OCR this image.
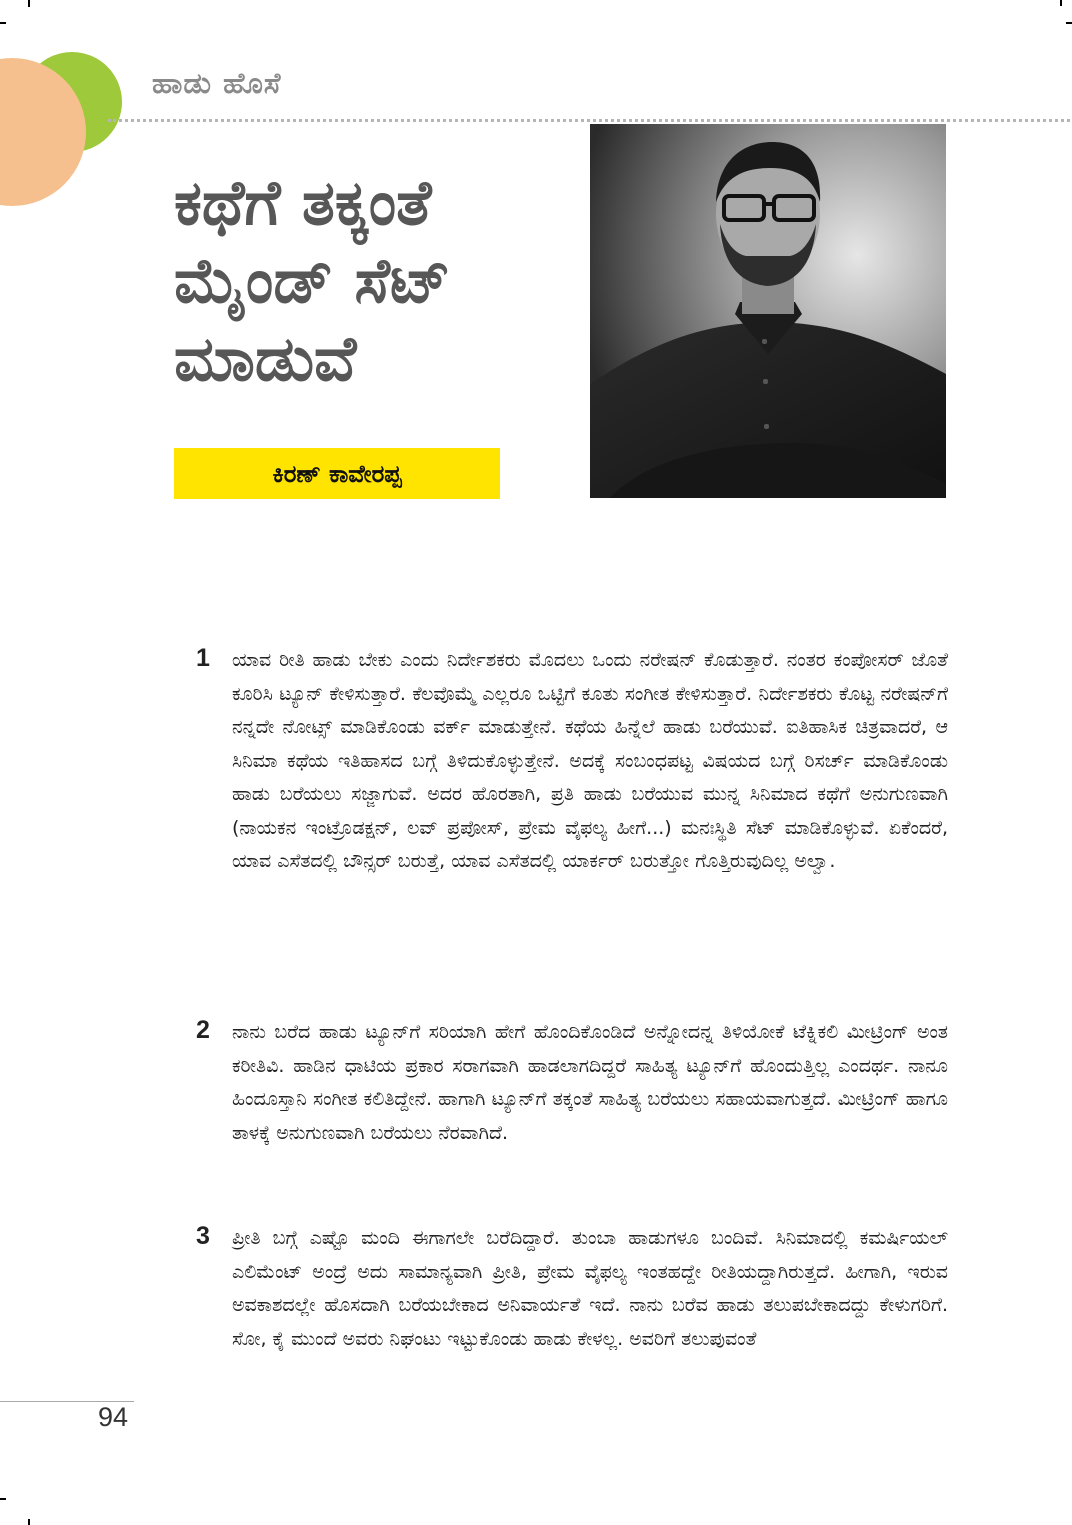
ಹಾಡು ಹೊಸೆ
ಕಥೆಗೆ ತಕ್ಕಂತೆ ಮೈಂಡ್ ಸೆಟ್ ಮಾಡುವೆ
ಕಿರಣ್ ಕಾವೇರಪ್ಪ
1 ಯಾವ ರೀತಿ ಹಾಡು ಬೇಕು ಎಂದು ನಿರ್ದೇಶಕರು ಮೊದಲು ಒಂದು ನರೇಷನ್ ಕೊಡುತ್ತಾರೆ. ನಂತರ ಕಂಪೋಸರ್ ಜೊತೆ ಕೂರಿಸಿ ಟ್ಯೂನ್ ಕೇಳಿಸುತ್ತಾರೆ. ಕೆಲವೊಮ್ಮೆ ಎಲ್ಲರೂ ಒಟ್ಟಿಗೆ ಕೂತು ಸಂಗೀತ ಕೇಳಿಸುತ್ತಾರೆ. ನಿರ್ದೇಶಕರು ಕೊಟ್ಟ ನರೇಷನ್‌ಗೆ ನನ್ನದೇ ನೋಟ್ಸ್ ಮಾಡಿಕೊಂಡು ವರ್ಕ್ ಮಾಡುತ್ತೇನೆ. ಕಥೆಯ ಹಿನ್ನೆಲೆ ಹಾಡು ಬರೆಯುವೆ. ಐತಿಹಾಸಿಕ ಚಿತ್ರವಾದರೆ, ಆ ಸಿನಿಮಾ ಕಥೆಯ ಇತಿಹಾಸದ ಬಗ್ಗೆ ತಿಳಿದುಕೊಳ್ಳುತ್ತೇನೆ. ಅದಕ್ಕೆ ಸಂಬಂಧಪಟ್ಟ ವಿಷಯದ ಬಗ್ಗೆ ರಿಸರ್ಚ್ ಮಾಡಿಕೊಂಡು ಹಾಡು ಬರೆಯಲು ಸಜ್ಜಾಗುವೆ. ಅದರ ಹೊರತಾಗಿ, ಪ್ರತಿ ಹಾಡು ಬರೆಯುವ ಮುನ್ನ ಸಿನಿಮಾದ ಕಥೆಗೆ ಅನುಗುಣವಾಗಿ (ನಾಯಕನ ಇಂಟ್ರೊಡಕ್ಷನ್, ಲವ್ ಪ್ರಪೋಸ್, ಪ್ರೇಮ ವೈಫಲ್ಯ ಹೀಗೆ...) ಮನಃಸ್ಥಿತಿ ಸೆಟ್ ಮಾಡಿಕೊಳ್ಳುವೆ. ಏಕೆಂದರೆ, ಯಾವ ಎಸೆತದಲ್ಲಿ ಬೌನ್ಸರ್ ಬರುತ್ತೆ, ಯಾವ ಎಸೆತದಲ್ಲಿ ಯಾರ್ಕರ್ ಬರುತ್ತೋ ಗೊತ್ತಿರುವುದಿಲ್ಲ ಅಲ್ವಾ.

2 ನಾನು ಬರೆದ ಹಾಡು ಟ್ಯೂನ್‌ಗೆ ಸರಿಯಾಗಿ ಹೇಗೆ ಹೊಂದಿಕೊಂಡಿದೆ ಅನ್ನೋದನ್ನ ತಿಳಿಯೋಕೆ ಟೆಕ್ನಿಕಲಿ ಮೀಟ್ರಿಂಗ್ ಅಂತ ಕರೀತಿವಿ. ಹಾಡಿನ ಧಾಟಿಯ ಪ್ರಕಾರ ಸರಾಗವಾಗಿ ಹಾಡಲಾಗದಿದ್ದರೆ ಸಾಹಿತ್ಯ ಟ್ಯೂನ್‌ಗೆ ಹೊಂದುತ್ತಿಲ್ಲ ಎಂದರ್ಥ. ನಾನೂ ಹಿಂದೂಸ್ತಾನಿ ಸಂಗೀತ ಕಲಿತಿದ್ದೇನೆ. ಹಾಗಾಗಿ ಟ್ಯೂನ್‌ಗೆ ತಕ್ಕಂತೆ ಸಾಹಿತ್ಯ ಬರೆಯಲು ಸಹಾಯವಾಗುತ್ತದೆ. ಮೀಟ್ರಿಂಗ್ ಹಾಗೂ ತಾಳಕ್ಕೆ ಅನುಗುಣವಾಗಿ ಬರೆಯಲು ನೆರವಾಗಿದೆ.

3 ಪ್ರೀತಿ ಬಗ್ಗೆ ಎಷ್ಟೊ ಮಂದಿ ಈಗಾಗಲೇ ಬರೆದಿದ್ದಾರೆ. ತುಂಬಾ ಹಾಡುಗಳೂ ಬಂದಿವೆ. ಸಿನಿಮಾದಲ್ಲಿ ಕಮರ್ಷಿಯಲ್ ಎಲಿಮೆಂಟ್ ಅಂದ್ರೆ ಅದು ಸಾಮಾನ್ಯವಾಗಿ ಪ್ರೀತಿ, ಪ್ರೇಮ ವೈಫಲ್ಯ ಇಂತಹದ್ದೇ ರೀತಿಯದ್ದಾಗಿರುತ್ತದೆ. ಹೀಗಾಗಿ, ಇರುವ ಅವಕಾಶದಲ್ಲೇ ಹೊಸದಾಗಿ ಬರೆಯಬೇಕಾದ ಅನಿವಾರ್ಯತೆ ಇದೆ. ನಾನು ಬರೆವ ಹಾಡು ತಲುಪಬೇಕಾದದ್ದು ಕೇಳುಗರಿಗೆ. ಸೋ, ಕೈ ಮುಂದೆ ಅವರು ನಿಘಂಟು ಇಟ್ಟುಕೊಂಡು ಹಾಡು ಕೇಳಲ್ಲ. ಅವರಿಗೆ ತಲುಪುವಂತೆ

94
